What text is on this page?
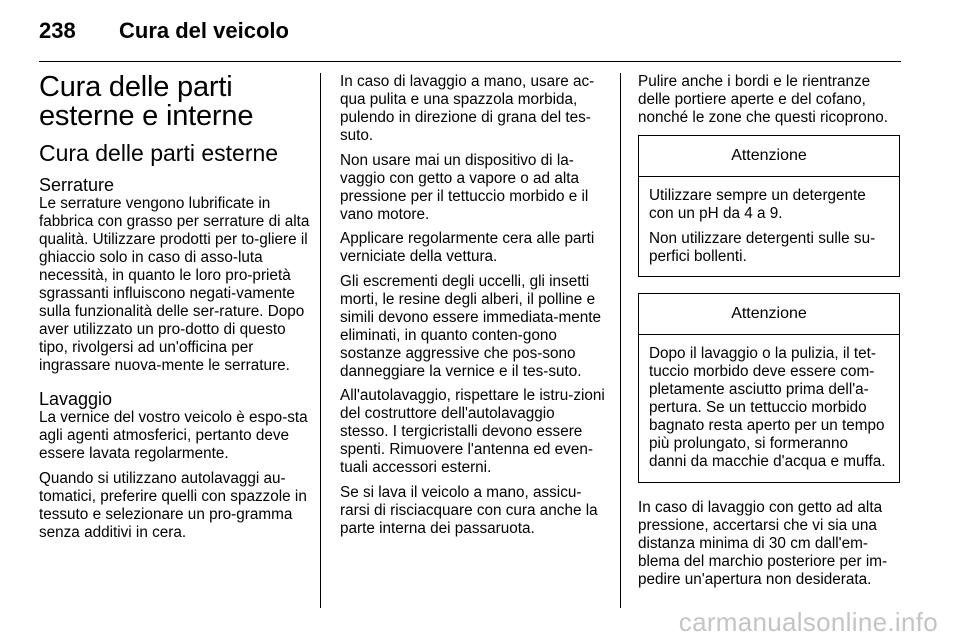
238 Cura del veicolo
Cura delle parti esterne e interne
Cura delle parti esterne
Serrature

Le serrature vengono lubrificate in fabbrica con grasso per serrature di alta qualità. Utilizzare prodotti per to-gliere il ghiaccio solo in caso di asso-luta necessità, in quanto le loro pro-prietà sgrassanti influiscono negati-vamente sulla funzionalità delle ser-rature. Dopo aver utilizzato un pro-dotto di questo tipo, rivolgersi ad un'officina per ingrassare nuova-mente le serrature.

Lavaggio

La vernice del vostro veicolo è espo-sta agli agenti atmosferici, pertanto deve essere lavata regolarmente.

Quando si utilizzano autolavaggi au-tomatici, preferire quelli con spazzole in tessuto e selezionare un pro-gramma senza additivi in cera.

In caso di lavaggio a mano, usare ac-qua pulita e una spazzola morbida, pulendo in direzione di grana del tes-suto.

Non usare mai un dispositivo di la-vaggio con getto a vapore o ad alta pressione per il tettuccio morbido e il vano motore.

Applicare regolarmente cera alle parti verniciate della vettura.

Gli escrementi degli uccelli, gli insetti morti, le resine degli alberi, il polline e simili devono essere immediata-mente eliminati, in quanto conten-gono sostanze aggressive che pos-sono danneggiare la vernice e il tes-suto.

All'autolavaggio, rispettare le istru-zioni del costruttore dell'autolavaggio stesso. I tergicristalli devono essere spenti. Rimuovere l'antenna ed even-tuali accessori esterni.

Se si lava il veicolo a mano, assicu-rarsi di risciacquare con cura anche la parte interna dei passaruota.

Pulire anche i bordi e le rientranze delle portiere aperte e del cofano, nonché le zone che questi ricoprono.

Attenzione

Utilizzare sempre un detergente con un pH da 4 a 9.

Non utilizzare detergenti sulle su-perfici bollenti.

Attenzione

Dopo il lavaggio o la pulizia, il tet-tuccio morbido deve essere com-pletamente asciutto prima dell'a-pertura. Se un tettuccio morbido bagnato resta aperto per un tempo più prolungato, si formeranno danni da macchie d'acqua e muffa.

In caso di lavaggio con getto ad alta pressione, accertarsi che vi sia una distanza minima di 30 cm dall'em-blema del marchio posteriore per im-pedire un'apertura non desiderata.

carmanualsonline.info
